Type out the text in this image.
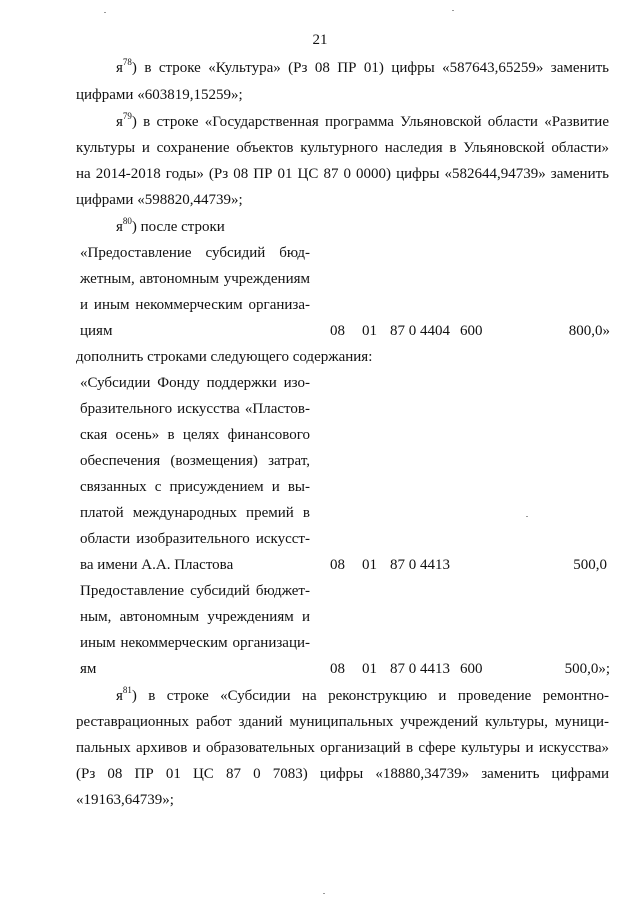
21
$я^{78}$) в строке «Культура» (Рз 08 ПР 01) цифры «587643,65259» заменить
цифрами «603819,15259»;
$я^{79}$) в строке «Государственная программа Ульяновской области «Развитие
культуры и сохранение объектов культурного наследия в Ульяновской области»
на 2014-2018 годы» (Рз 08 ПР 01 ЦС 87 0 0000) цифры «582644,94739» заменить
цифрами «598820,44739»;
$я^{80}$) после строки
«Предоставление субсидий бюд-
жетным, автономным учреждениям
и иным некоммерческим организа-
циям	08 01 87 0 4404 600	800,0»
дополнить строками следующего содержания:
«Субсидии Фонду поддержки изо-
бразительного искусства «Пластов-
ская осень» в целях финансового
обеспечения (возмещения) затрат,
связанных с присуждением и вы-
платой международных премий в
области изобразительного искусст-
ва имени А.А. Пластова	08 01 87 0 4413	500,0
Предоставление субсидий бюджет-
ным, автономным учреждениям и
иным некоммерческим организаци-
ям	08 01 87 0 4413 600	500,0»;
$я^{81}$) в строке «Субсидии на реконструкцию и проведение ремонтно-
реставрационных работ зданий муниципальных учреждений культуры, муници-
пальных архивов и образовательных организаций в сфере культуры и искусства»
(Рз 08 ПР 01 ЦС 87 0 7083) цифры «18880,34739» заменить цифрами
«19163,64739»;
